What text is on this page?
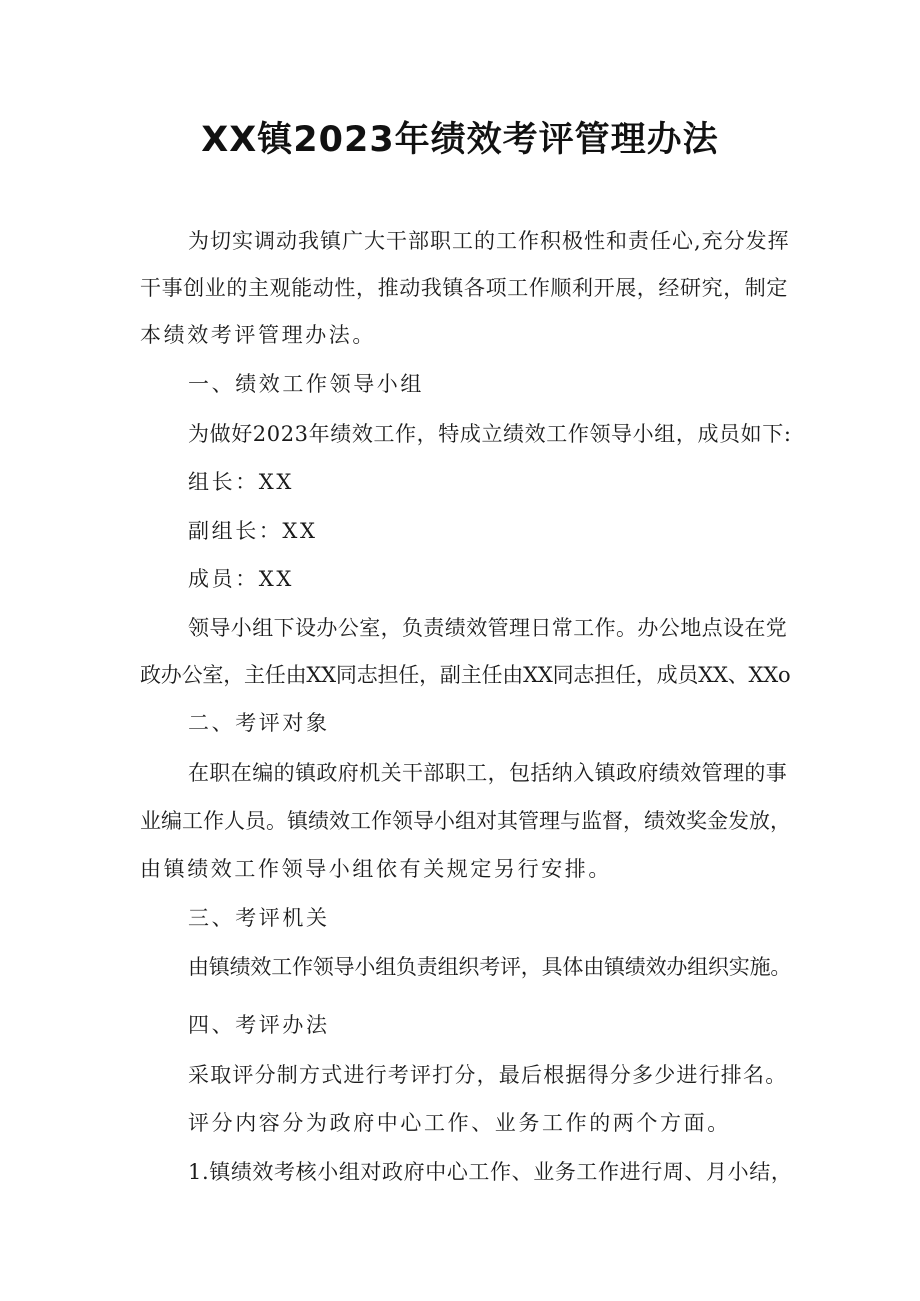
XX镇2023年绩效考评管理办法

为切实调动我镇广大干部职工的工作积极性和责任心,充分发挥

干事创业的主观能动性，推动我镇各项工作顺利开展，经研究，制定

本绩效考评管理办法。

一、绩效工作领导小组

为做好2023年绩效工作，特成立绩效工作领导小组，成员如下:

组长：XX

副组长：XX

成员：XX

领导小组下设办公室，负责绩效管理日常工作。办公地点设在党

政办公室，主任由XX同志担任，副主任由XX同志担任，成员XX、XXo

二、考评对象

在职在编的镇政府机关干部职工，包括纳入镇政府绩效管理的事

业编工作人员。镇绩效工作领导小组对其管理与监督，绩效奖金发放，

由镇绩效工作领导小组依有关规定另行安排。

三、考评机关

由镇绩效工作领导小组负责组织考评，具体由镇绩效办组织实施。

四、考评办法

采取评分制方式进行考评打分，最后根据得分多少进行排名。

评分内容分为政府中心工作、业务工作的两个方面。

1.镇绩效考核小组对政府中心工作、业务工作进行周、月小结，
